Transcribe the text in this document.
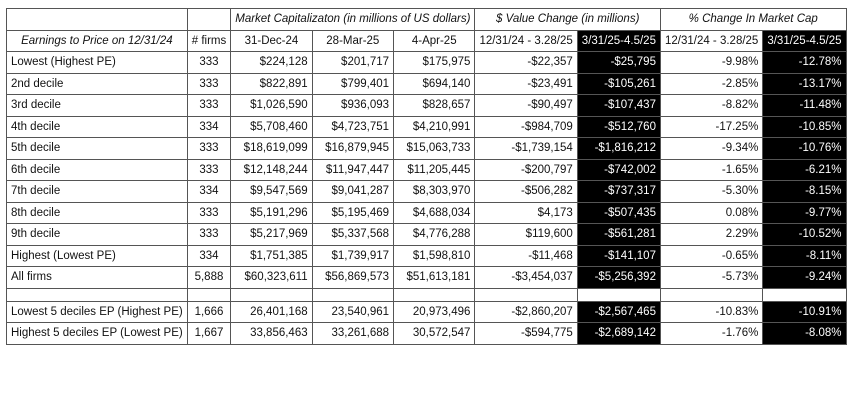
		Market Capitalizaton (in millions of US dollars)			$ Value Change (in millions)		% Change In Market Cap	
Earnings to Price on 12/31/24	# firms	31-Dec-24	28-Mar-25	4-Apr-25	12/31/24 - 3.28/25	3/31/25-4.5/25	12/31/24 - 3.28/25	3/31/25-4.5/25
Lowest (Highest PE)	333	$224,128	$201,717	$175,975	-$22,357	-$25,795	-9.98%	-12.78%
2nd decile	333	$822,891	$799,401	$694,140	-$23,491	-$105,261	-2.85%	-13.17%
3rd decile	333	$1,026,590	$936,093	$828,657	-$90,497	-$107,437	-8.82%	-11.48%
4th decile	334	$5,708,460	$4,723,751	$4,210,991	-$984,709	-$512,760	-17.25%	-10.85%
5th decile	333	$18,619,099	$16,879,945	$15,063,733	-$1,739,154	-$1,816,212	-9.34%	-10.76%
6th decile	333	$12,148,244	$11,947,447	$11,205,445	-$200,797	-$742,002	-1.65%	-6.21%
7th decile	334	$9,547,569	$9,041,287	$8,303,970	-$506,282	-$737,317	-5.30%	-8.15%
8th decile	333	$5,191,296	$5,195,469	$4,688,034	$4,173	-$507,435	0.08%	-9.77%
9th decile	333	$5,217,969	$5,337,568	$4,776,288	$119,600	-$561,281	2.29%	-10.52%
Highest (Lowest PE)	334	$1,751,385	$1,739,917	$1,598,810	-$11,468	-$141,107	-0.65%	-8.11%
All firms	5,888	$60,323,611	$56,869,573	$51,613,181	-$3,454,037	-$5,256,392	-5.73%	-9.24%

Lowest 5 deciles EP (Highest PE)	1,666	26,401,168	23,540,961	20,973,496	-$2,860,207	-$2,567,465	-10.83%	-10.91%
Highest 5 deciles EP (Lowest PE)	1,667	33,856,463	33,261,688	30,572,547	-$594,775	-$2,689,142	-1.76%	-8.08%
